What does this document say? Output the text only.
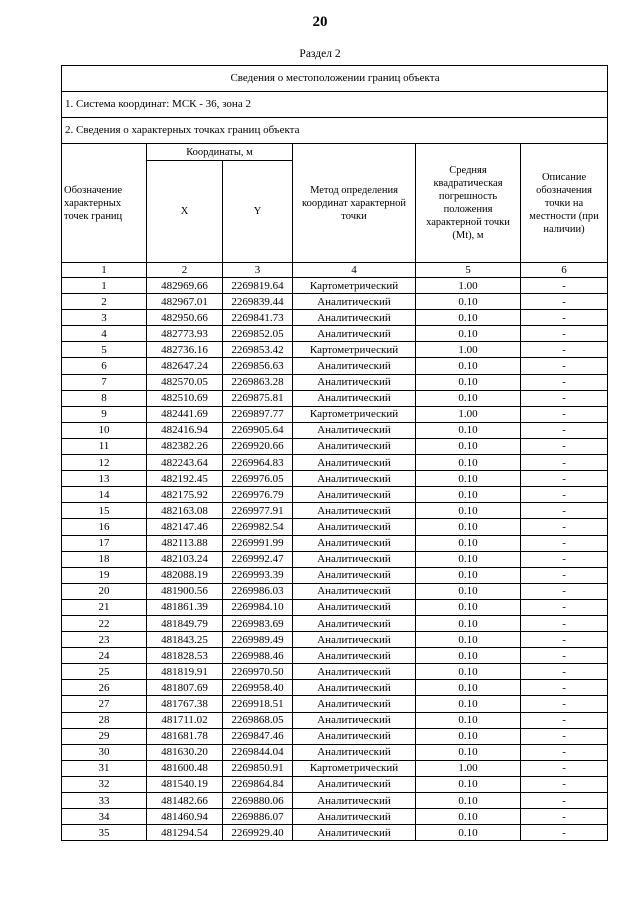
20
Раздел 2
Сведения о местоположении границ объекта					
1. Система координат: МСК - 36, зона 2					
2. Сведения о характерных точках границ объекта					
Обозначение характерных точек границ	Координаты, м		Метод определения координат характерной точки	Средняя квадратическая погрешность положения характерной точки (Mt), м	Описание обозначения точки на местности (при наличии)
	X	Y			
1	2	3	4	5	6
1	482969.66	2269819.64	Картометрический	1.00	-
2	482967.01	2269839.44	Аналитический	0.10	-
3	482950.66	2269841.73	Аналитический	0.10	-
4	482773.93	2269852.05	Аналитический	0.10	-
5	482736.16	2269853.42	Картометрический	1.00	-
6	482647.24	2269856.63	Аналитический	0.10	-
7	482570.05	2269863.28	Аналитический	0.10	-
8	482510.69	2269875.81	Аналитический	0.10	-
9	482441.69	2269897.77	Картометрический	1.00	-
10	482416.94	2269905.64	Аналитический	0.10	-
11	482382.26	2269920.66	Аналитический	0.10	-
12	482243.64	2269964.83	Аналитический	0.10	-
13	482192.45	2269976.05	Аналитический	0.10	-
14	482175.92	2269976.79	Аналитический	0.10	-
15	482163.08	2269977.91	Аналитический	0.10	-
16	482147.46	2269982.54	Аналитический	0.10	-
17	482113.88	2269991.99	Аналитический	0.10	-
18	482103.24	2269992.47	Аналитический	0.10	-
19	482088.19	2269993.39	Аналитический	0.10	-
20	481900.56	2269986.03	Аналитический	0.10	-
21	481861.39	2269984.10	Аналитический	0.10	-
22	481849.79	2269983.69	Аналитический	0.10	-
23	481843.25	2269989.49	Аналитический	0.10	-
24	481828.53	2269988.46	Аналитический	0.10	-
25	481819.91	2269970.50	Аналитический	0.10	-
26	481807.69	2269958.40	Аналитический	0.10	-
27	481767.38	2269918.51	Аналитический	0.10	-
28	481711.02	2269868.05	Аналитический	0.10	-
29	481681.78	2269847.46	Аналитический	0.10	-
30	481630.20	2269844.04	Аналитический	0.10	-
31	481600.48	2269850.91	Картометрический	1.00	-
32	481540.19	2269864.84	Аналитический	0.10	-
33	481482.66	2269880.06	Аналитический	0.10	-
34	481460.94	2269886.07	Аналитический	0.10	-
35	481294.54	2269929.40	Аналитический	0.10	-
